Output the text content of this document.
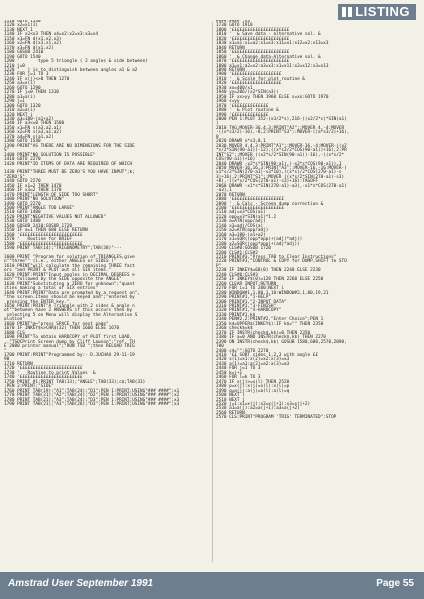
LISTING
1110 GOTO 1130
1120 x2=x1(1)
1130 NEXT 1
1140 IF x2<x3 THEN x4=x2:x2=x3:x3=x4
1150 x1=FN d(x1,x2,x3)
1160 x2=FN d(x3,x1,x2)
1170 x3=FN d(x1,x2)
1180 GOSUB 2410
1190 GOTO 1540
1200 '       type 5 triangle ( 2 angles & side between)
1210 j=0
1220 '   j is to distinguish between angles a1 & a2
1230 FOR j=1 TO 3
1240 IF x(j)<>0 THEN 1270
1250 a3=x(i)
1260 GOTO 1290
1270 IF j=0 THEN 1310
1280 a1=a(i)
1290 j=1
1300 GOTO 1320
1310 a2=a(i)
1320 NEXT i
1330 a3=180-(a1+a2)
1340 IF a3<=0 THEN 1500
1350 x1=FN s(a3,a2,a1)
1360 x2=FN s(a3,a1,a2)
1370 a4=FN s(a1,a2)
1380 GOTO 1540
1390 PRINT"AS THERE ARE NO DIMENSIONS FOR THE SIDE
S"
1400 PRINT"NO SOLUTION IS POSSIBLE"
1410 GOTO 2270
1420 PRINT"ID ITEMS OF DATA ARE REQUIRED OF WHICH

1430 PRINT"THREE MUST BE ZERO'S YOU HAVE INPUT";k;
"ZERO'S"
1440 GOTO 2270
1450 IF x1=2 THEN 1470
1460 IF x3=2 THEN 1170
1470 PRINT"LENGTH OF SIDE TOO SHORT"
1480 PRINT"NO SOLUTION"
1490 GOTO 2270
1500 PRINT"ANGLE TOO LARGE"
1510 GOTO 1480
1520 PRINT"NEGATIVE VALUES NOT ALLOWED"
1530 GOTO 1480
1540 GOSUB 2410:GOSUB 1720
1550 IF a=1 THEN 680 ELSE RETURN
1560 '££££££££££££££££££££££££
1570 '   Routine for BRIEF
1580 '££££££££££££££££££££££££
1590 PRINT TAB(14);"TRIGONOMETRY";TAB(38)"---

1600 PRINT "Program for solution of TRIANGLES,give
n""three"" (i.e., either ANGLES or SIDES )"
1610 PRINT"will calculate the remaining THREE fact
ors "and PRINT & PLOT out all SIX items."
1620 PRINT:PRINT"Input angles in DECIMAL DEGREES e
ach""followed by the SIDE opposite the ANGLE"
1630 PRINT"Substituting a ZERO for unknown";"quant
ities making a total of SIX entries"
1640 PRINT:PRINT"Data are prompted by a request on",
"the screen.Items should be keyed and";"entered by
pressing the ENTER key."
1650 PRINT:PRINT"A Triangle with 2 sides & angle n
ot""between have 2 ANSWERS if this occurs then by
selecting 5 on Menu will display the Alternative S
olution"
1660 PRINT"@~"press SPACE for next page"
1670 IF INKEY$<>CHR$(32) THEN 1660 ELSE 1670
1680 CLS
1690 PRINT"To obtain HARDCOPY of PLOT first LOAD.
.."TSDCPrint Screen dump by Cliff Lawson";"ref. TH
E 2000 printer manual";"RUN TSD ";then RELOAD TRIG
"
1700 PRINT:PRINT"Programmed by:- D.JUCHAU 29-11-19
90
1710 RETURN
1720 '££££££££££££££££££££££££
1730 '   Routine to print Values  &
1740 '££££££££££££££££££££££££
1750 PRINT #1:PRINT TAB(13);"ANGLE";TAB(33);c$;TAB(33)
;PEN 2:PRINT;"SIDE"
1760 PRINT TAB(19);"A1";TAB(24);"D1";PEN 1:PRINT;USING"### ####";x1
1770 PRINT TAB(21);"A2";TAB(24);"D2";PEN 1:PRINT;USING"### ####";x2
1780 PRINT TAB(21);"A3";TAB(24);"D3";PEN 1:PRINT;USING"### ####";x3
1790 PRINT TAB(21);"A3";TAB(28);"D3";PEN 1:PRINT;USING"### ####";x3
####.####";x3
1730 GOTO 1910
1800 '££££££££££££££££££££££
1810 '  & Save data - alternative sol. &
1820 '££££££££££££££££££££££
1830 x1=a1:x1=a2:x1=x3:x11=x1:x12=x2:x13=x3
1840 RETURN
1850 '££££££££££££££££££££££
1860 '  & Change data-Alternative sol. &
1870 '££££££££££££££££££££££
1880 a1=x1:a2=x2:a3=x3:x1=x11:x2=x12:x3=x13
1890 RETURN
1900 '£££££££££££££££££££
1910 '  & Scale for plot routine &
1920 '£££££££££££££££££££
1930 xx=400/x1
1940 yy=206/(x2*SIN(a3))
1950 IF xx>yy THEN 1960 ELSE s=xx:GOTO 1970
1960 s=yy
1970 '££££££££££££££
1980 '  & Plot routine &
1990 '££££££££££££££
2000 PEN 1:PLOT 352-(x3/2*s),216-((x2/2*s)*SIN(a1)
)
2010 TAG:MOVER-36,4,3:PRINT"A2";:MOVER 4,-4:MOVER
-((x*s3/2)-16),-8,2:PRINT"S3";:MOVER-((a*s3/2)+16),
8
2020 DRAWR x*s3,0,1
2030 MOVER 4,4,3:PRINT"A1";:MOVER-36,-4:MOVER-((x2
*s/2*SIN(90-a1))-12),((x*s2/2*COS(90-a1))+16),2:PR
INT"S2";:MOVER ((x2*s/2*SIN(90-a1))-16),-((x*s/2*
COS(90-a1))+16)
2040 DRAWR -x2*s*SIN(90-a1),(-x2*s*COS(90-a1)),1
2050 MOVER-16,16,3:PRINT"A3";:MOVER-16,-16:MOVER-(
x1*s/2*SIN(270-a1)-s3*10),((x*s)/2*COS(270-a1)-s
3)+16),2:PRINT"S1";:MOVER ((x*s/2*SIN(270-a1)-s3)
+8),-((x*s/2*COS(270-a1)-s3)+16):TAGOFF
2060 DRAWR -x1*s*SIN(270-a1)-a3),-x1*s*COS(270-a1)
-a3),1
2070 RETURN
2080 '££££££££££££££££££££
2090 '  & Calc - Screen dump correction &
2100 '££££££££££££££££££££
2110 adj=x3*COS(a1)
2120 opp=x3*SIN(a1)*1.2
2130 a=ATN(opp/adj)
2140 x3=adj/COS(a)
2150 a2=ATN(opp/adj)
2160 a3=180-(a1+a2)
2170 x1=SQR((opp*opp)+(adj)*adj))
2180 x2=SQR((opp*opp)+(adj*adj))
2190 CLS#0:GOSUB 1720
2200 CLS#1:CLS#2
2210 PRINT#3,"Press TAB to Clear Instructions"
2220 PRINT#3,"CONTROL & COPY for DUMP,SHIFT to STO
P"
2230 IF INKEY$=68(0) THEN 2240 ELSE 2230
2240 CLS#0:CLS#3
2250 IF INKEY$(0)=128 THEN 2260 ELSE 2250
2260 CLEAR INPUT:RETURN
2270 FOR i=1 TO 200:NEXT i
2280 WINDOW#1,1,80,1,18:WINDOW#2,1,80,19,21
2290 PRINT#1,"1-HELP"
2300 PRINT#1,"2-INPUT DATA"
2310 PRINT#1,"3-FINISH"
2320 PRINT#1,"4-HARDCOPY"
2330 PRINT#1,k$
2340 PEN#2,2:PRINT#2,"Enter Choice";PEN 1
2350 k$=UPPER$(INKEY$):IF k$="" THEN 2350
2360 check$=k$
2370 IF INSTR(check$,k$)=0 THEN 2350
2380 IF a=0 AND INSTR(check$,k$) THEN 2270
2390 ON INSTR(check$,k$) GOSUB 1580,680,2570,2090,
700
2400 c$="":GOTO 2270
2410 '££ SORT sides 1,2,3 with angle ££
2420 x(1)=x1:x(2)=x2:x(3)=x3
2430 a(1)=a1:a(2)=a2:a(3)=a3
2440 FOR j=1 TO 3
2450 k=j+1
2460 FOR l=k TO 3
2470 IF x(j)>=x(l) THEN 2520
2480 p=x(j):x(j)=x(l):x(l)=p
2490 q=a(j):a(j)=a(l):a(l)=q
2500 NEXT l
2510 NEXT j
2520 j=1:x1=x(j):x2=x(j+1):x3=x(j+2)
2530 a1=a(j):a2=a(j+1):a3=a(j+2)
2560 RETURN
2570 CLS:PRINT"PROGRAM 'TRIG' TERMINATED":STOP
Amstrad User September 1991	Page 55
